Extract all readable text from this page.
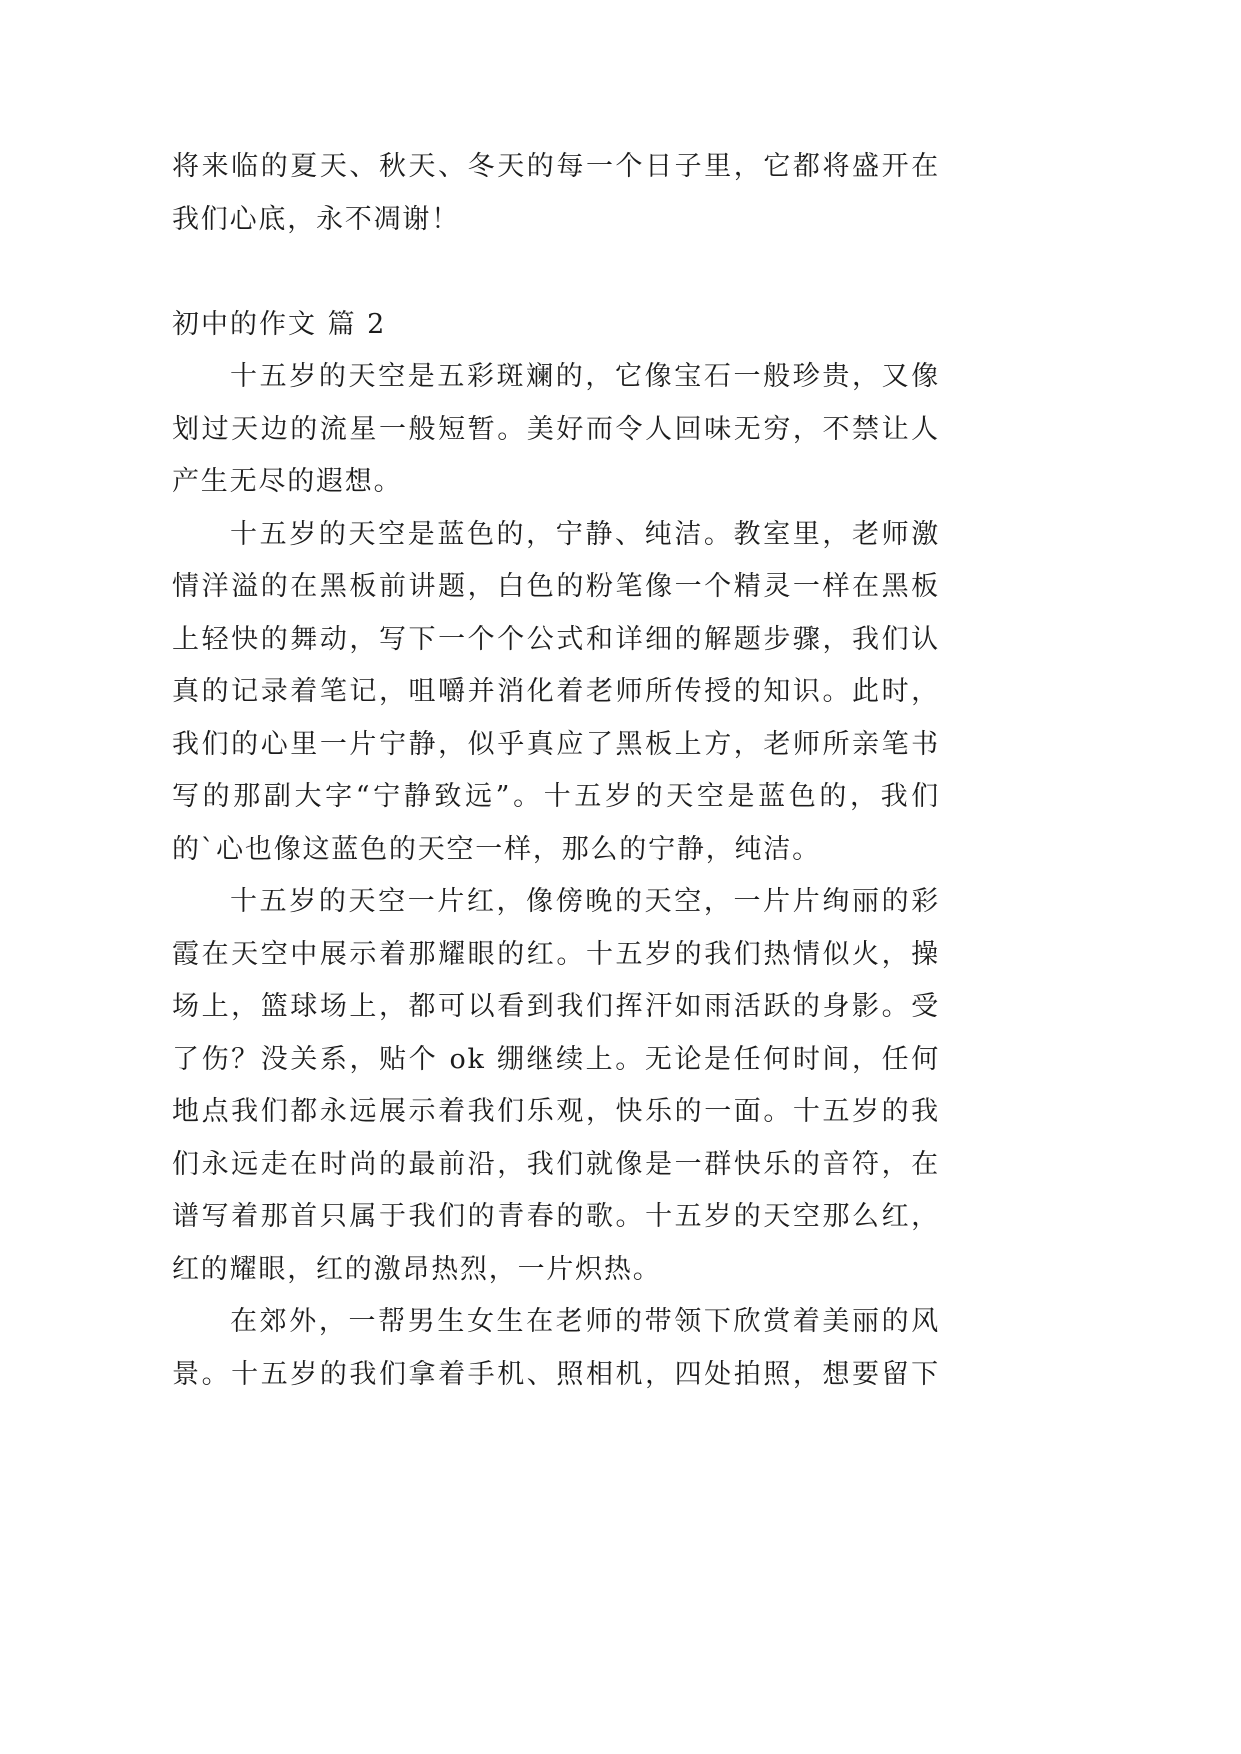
将来临的夏天、秋天、冬天的每一个日子里，它都将盛开在
我们心底，永不凋谢！
初中的作文 篇 2
十五岁的天空是五彩斑斓的，它像宝石一般珍贵，又像
划过天边的流星一般短暂。美好而令人回味无穷，不禁让人
产生无尽的遐想。
十五岁的天空是蓝色的，宁静、纯洁。教室里，老师激
情洋溢的在黑板前讲题，白色的粉笔像一个精灵一样在黑板
上轻快的舞动，写下一个个公式和详细的解题步骤，我们认
真的记录着笔记，咀嚼并消化着老师所传授的知识。此时，
我们的心里一片宁静，似乎真应了黑板上方，老师所亲笔书
写的那副大字“宁静致远”。十五岁的天空是蓝色的，我们
的`心也像这蓝色的天空一样，那么的宁静，纯洁。
十五岁的天空一片红，像傍晚的天空，一片片绚丽的彩
霞在天空中展示着那耀眼的红。十五岁的我们热情似火，操
场上，篮球场上，都可以看到我们挥汗如雨活跃的身影。受
了伤？没关系，贴个 ok 绷继续上。无论是任何时间，任何
地点我们都永远展示着我们乐观，快乐的一面。十五岁的我
们永远走在时尚的最前沿，我们就像是一群快乐的音符，在
谱写着那首只属于我们的青春的歌。十五岁的天空那么红，
红的耀眼，红的激昂热烈，一片炽热。
在郊外，一帮男生女生在老师的带领下欣赏着美丽的风
景。十五岁的我们拿着手机、照相机，四处拍照，想要留下
